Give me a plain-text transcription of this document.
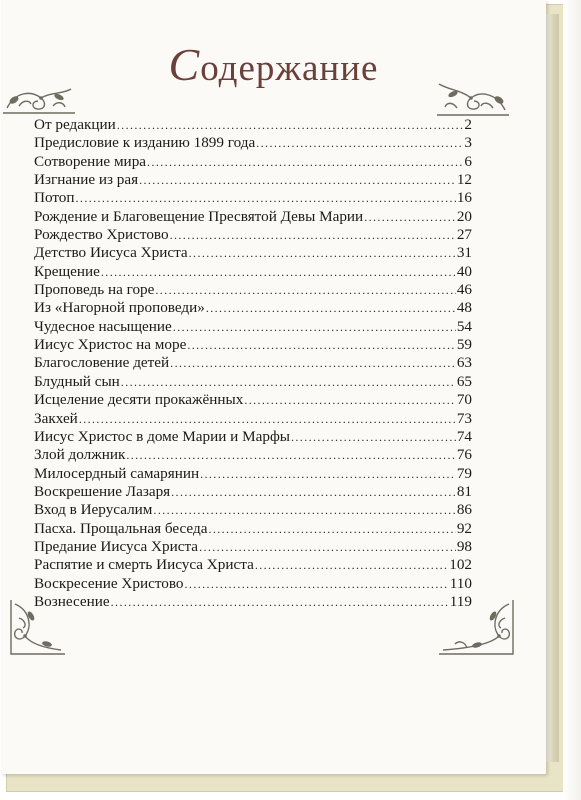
Содержание
От редакции .....	2
Предисловие к изданию 1899 года .....	3
Сотворение мира .....	6
Изгнание из рая .....	12
Потоп .....	16
Рождение и Благовещение Пресвятой Девы Марии .....	20
Рождество Христово .....	27
Детство Иисуса Христа .....	31
Крещение .....	40
Проповедь на горе .....	46
Из «Нагорной проповеди» .....	48
Чудесное насыщение .....	54
Иисус Христос на море .....	59
Благословение детей .....	63
Блудный сын .....	65
Исцеление десяти прокажённых .....	70
Закхей .....	73
Иисус Христос в доме Марии и Марфы .....	74
Злой должник .....	76
Милосердный самарянин .....	79
Воскрешение Лазаря .....	81
Вход в Иерусалим .....	86
Пасха. Прощальная беседа .....	92
Предание Иисуса Христа .....	98
Распятие и смерть Иисуса Христа .....	102
Воскресение Христово .....	110
Вознесение .....	119
